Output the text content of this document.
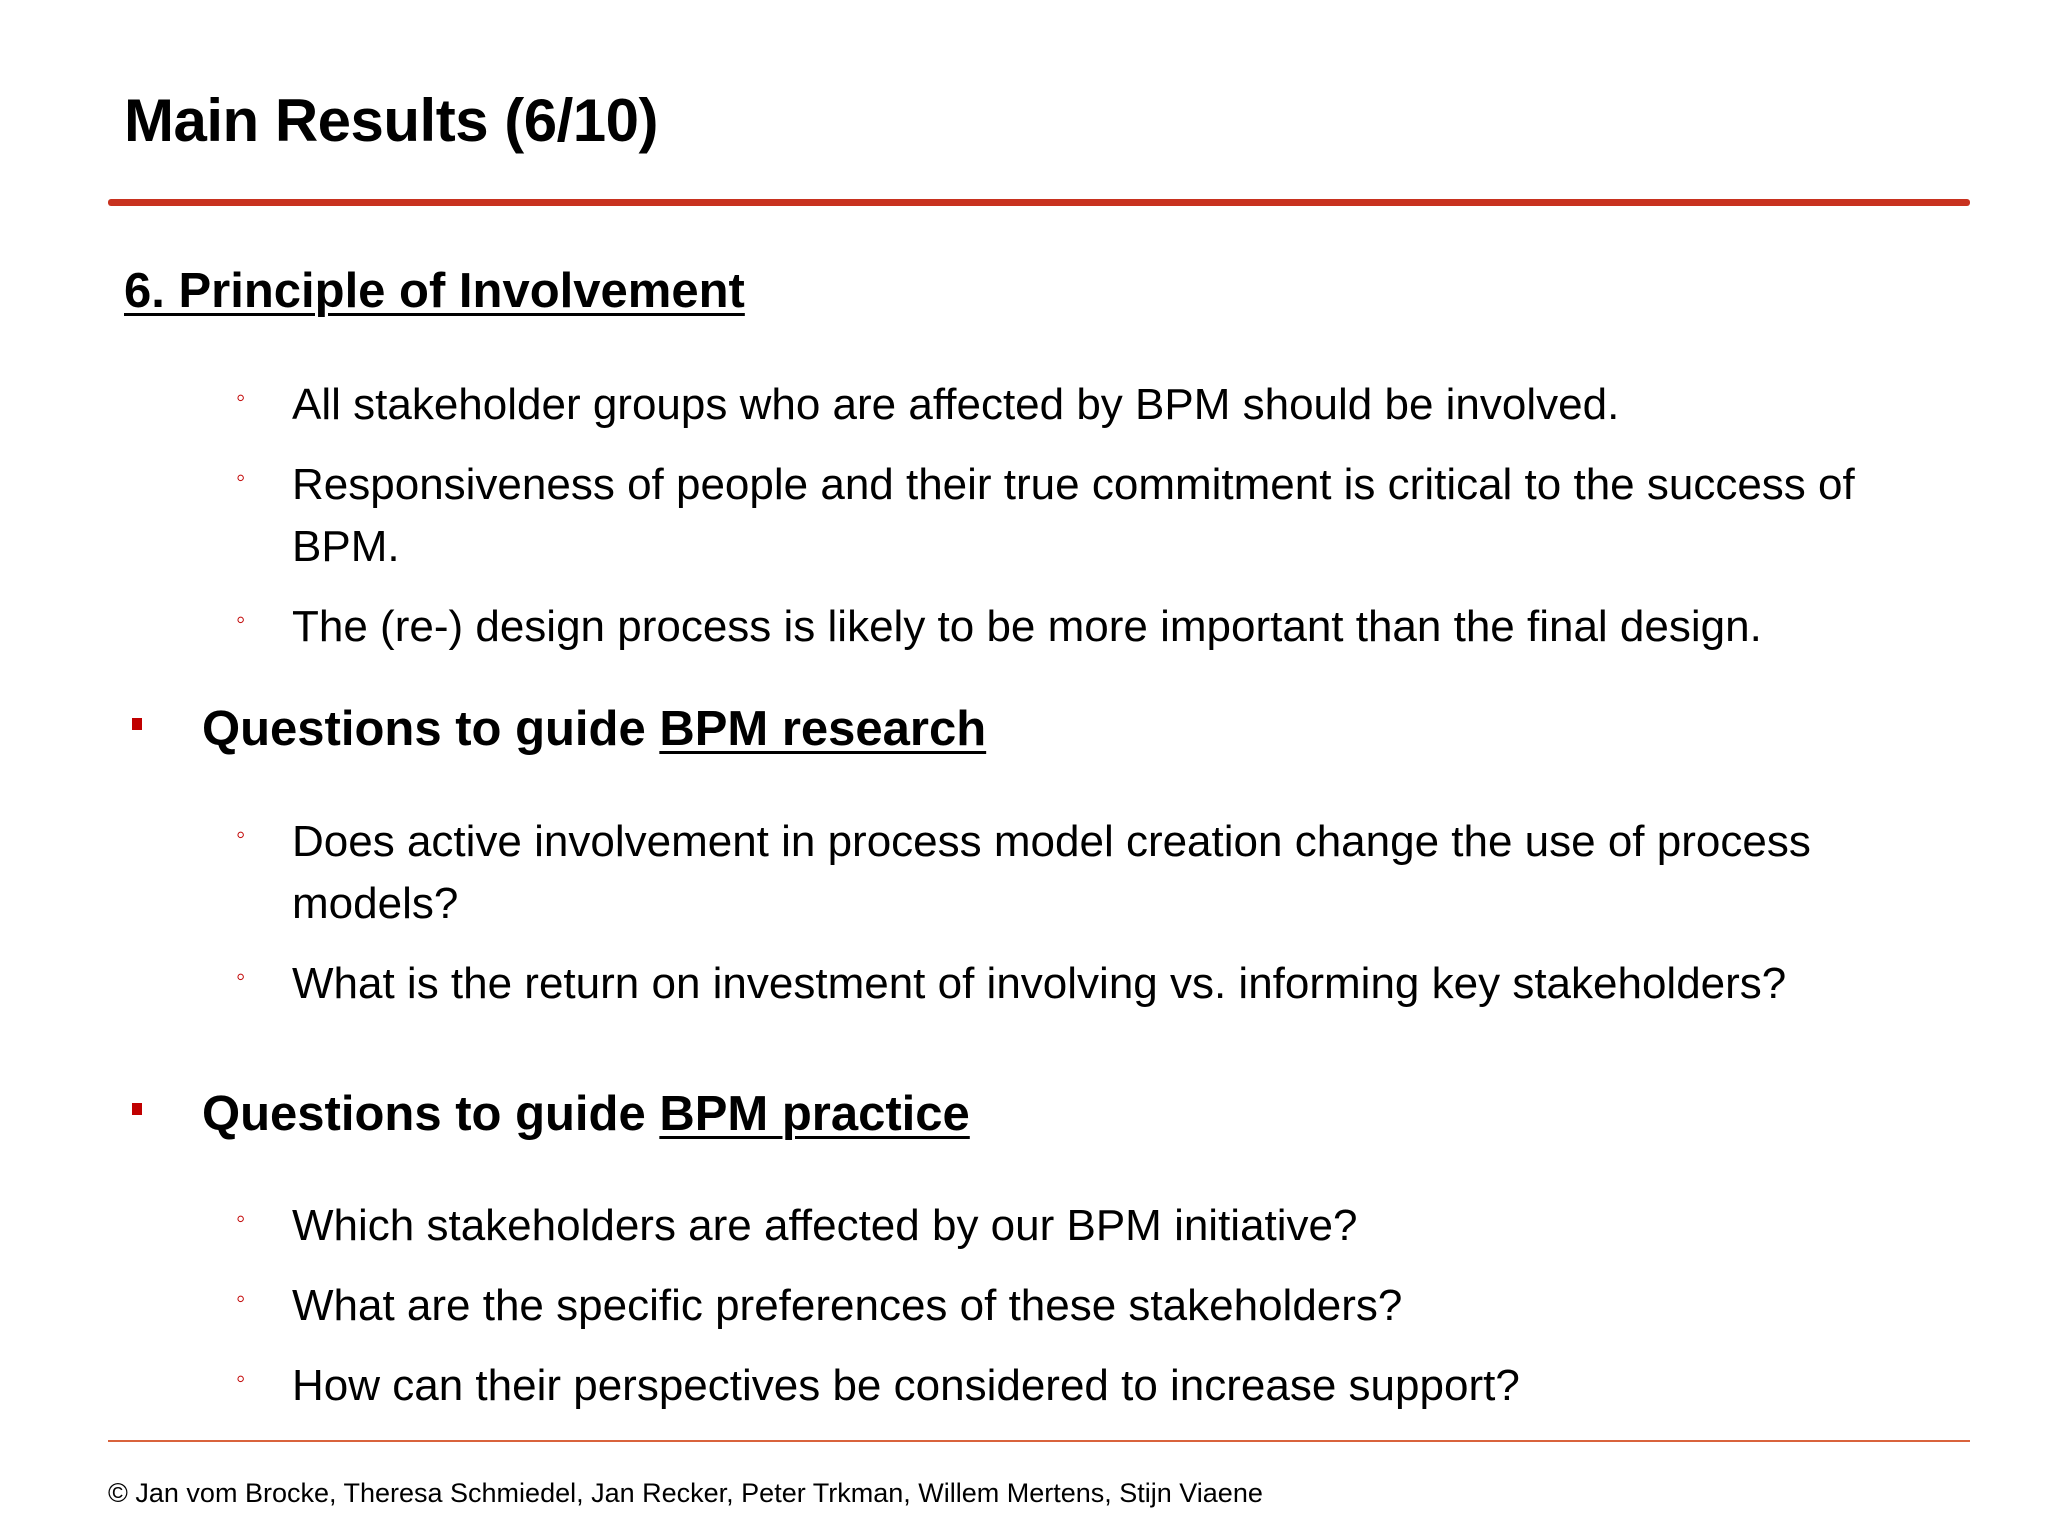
Main Results (6/10)
6. Principle of Involvement
◦ All stakeholder groups who are affected by BPM should be involved.
◦ Responsiveness of people and their true commitment is critical to the success of BPM.
◦ The (re-) design process is likely to be more important than the final design.
Questions to guide BPM research
◦ Does active involvement in process model creation change the use of process models?
◦ What is the return on investment of involving vs. informing key stakeholders?
Questions to guide BPM practice
◦ Which stakeholders are affected by our BPM initiative?
◦ What are the specific preferences of these stakeholders?
◦ How can their perspectives be considered to increase support?

© Jan vom Brocke, Theresa Schmiedel, Jan Recker, Peter Trkman, Willem Mertens, Stijn Viaene
